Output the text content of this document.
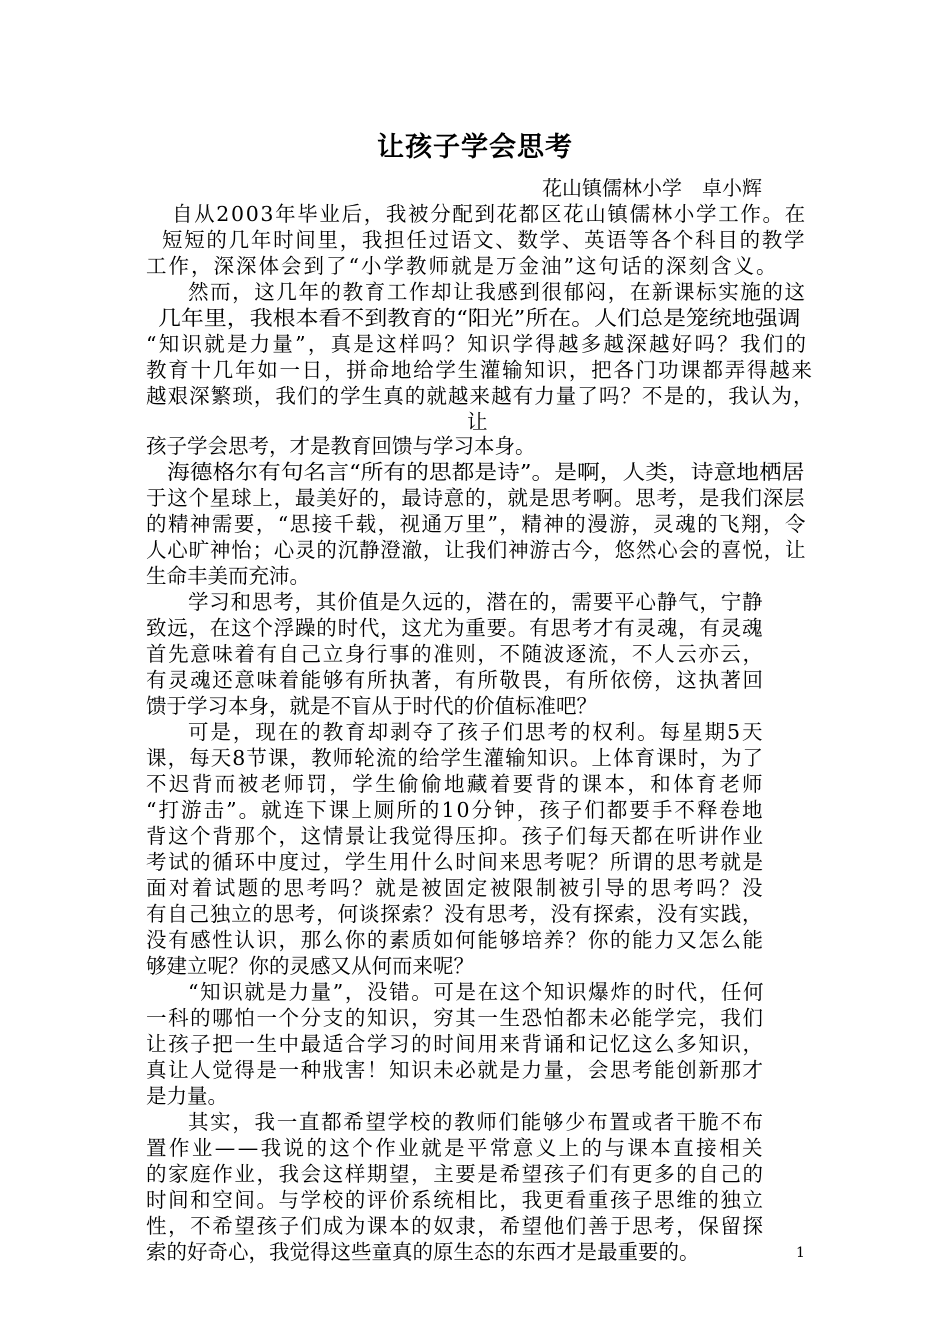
让孩子学会思考
花山镇儒林小学　卓小辉
自从2003年毕业后，我被分配到花都区花山镇儒林小学工作。在
短短的几年时间里，我担任过语文、数学、英语等各个科目的教学
工作，深深体会到了“小学教师就是万金油”这句话的深刻含义。
然而，这几年的教育工作却让我感到很郁闷，在新课标实施的这
几年里，我根本看不到教育的“阳光”所在。人们总是笼统地强调
“知识就是力量”，真是这样吗？知识学得越多越深越好吗？我们的
教育十几年如一日，拼命地给学生灌输知识，把各门功课都弄得越来
越艰深繁琐，我们的学生真的就越来越有力量了吗？不是的，我认为，
让
孩子学会思考，才是教育回馈与学习本身。
海德格尔有句名言“所有的思都是诗”。是啊，人类，诗意地栖居
于这个星球上，最美好的，最诗意的，就是思考啊。思考，是我们深层
的精神需要，“思接千载，视通万里”，精神的漫游，灵魂的飞翔，令
人心旷神怡；心灵的沉静澄澈，让我们神游古今，悠然心会的喜悦，让
生命丰美而充沛。
学习和思考，其价值是久远的，潜在的，需要平心静气，宁静
致远，在这个浮躁的时代，这尤为重要。有思考才有灵魂，有灵魂
首先意味着有自己立身行事的准则，不随波逐流，不人云亦云，
有灵魂还意味着能够有所执著，有所敬畏，有所依傍，这执著回
馈于学习本身，就是不盲从于时代的价值标准吧？
可是，现在的教育却剥夺了孩子们思考的权利。每星期5天
课，每天8节课，教师轮流的给学生灌输知识。上体育课时，为了
不迟背而被老师罚，学生偷偷地藏着要背的课本，和体育老师
“打游击”。就连下课上厕所的10分钟，孩子们都要手不释卷地
背这个背那个，这情景让我觉得压抑。孩子们每天都在听讲作业
考试的循环中度过，学生用什么时间来思考呢？所谓的思考就是
面对着试题的思考吗？就是被固定被限制被引导的思考吗？没
有自己独立的思考，何谈探索？没有思考，没有探索，没有实践，
没有感性认识，那么你的素质如何能够培养？你的能力又怎么能
够建立呢？你的灵感又从何而来呢？
“知识就是力量”，没错。可是在这个知识爆炸的时代，任何
一科的哪怕一个分支的知识，穷其一生恐怕都未必能学完，我们
让孩子把一生中最适合学习的时间用来背诵和记忆这么多知识，
真让人觉得是一种戕害！知识未必就是力量，会思考能创新那才
是力量。
其实，我一直都希望学校的教师们能够少布置或者干脆不布
置作业——我说的这个作业就是平常意义上的与课本直接相关
的家庭作业，我会这样期望，主要是希望孩子们有更多的自己的
时间和空间。与学校的评价系统相比，我更看重孩子思维的独立
性，不希望孩子们成为课本的奴隶，希望他们善于思考，保留探
索的好奇心，我觉得这些童真的原生态的东西才是最重要的。	1
